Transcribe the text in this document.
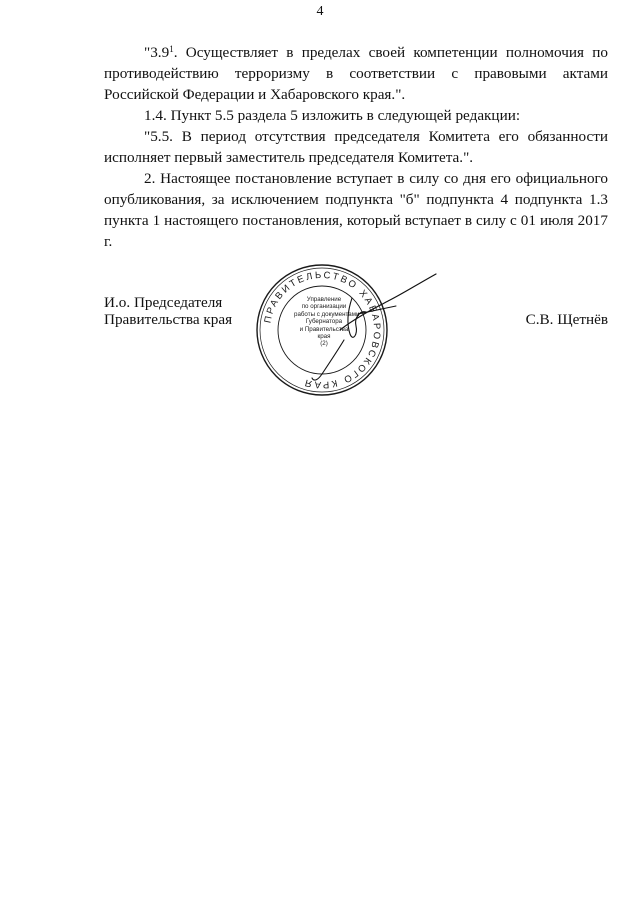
4

"$3.9^1$. Осуществляет в пределах своей компетенции полномочия по противодействию терроризму в соответствии с правовыми актами Российской Федерации и Хабаровского края.".

1.4. Пункт 5.5 раздела 5 изложить в следующей редакции:

"5.5. В период отсутствия председателя Комитета его обязанности исполняет первый заместитель председателя Комитета.".

2. Настоящее постановление вступает в силу со дня его официального опубликования, за исключением подпункта "б" подпункта 4 подпункта 1.3 пункта 1 настоящего постановления, который вступает в силу с 01 июля 2017 г.

И.о. Председателя
Правительства края	ПРАВИТЕЛЬСТВО ХАБАРОВСКОГО КРАЯ
Управление
по организации
работы с документами
Губернатора
и Правительства
края
(2)
С.В. Щетнёв
